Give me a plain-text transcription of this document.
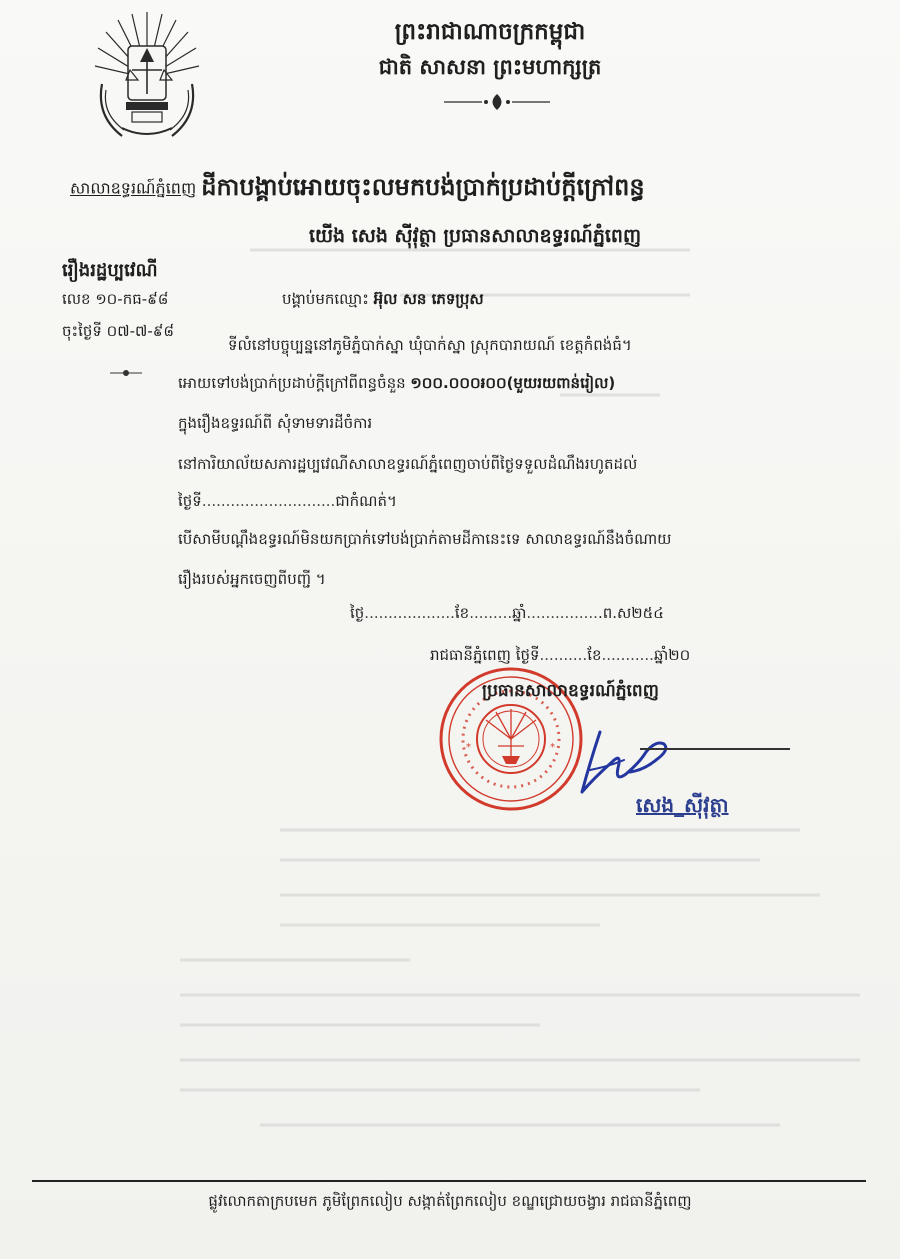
ព្រះរាជាណាចក្រកម្ពុជា
ជាតិ សាសនា ព្រះមហាក្សត្រ
សាលាឧទ្ធរណ៍ភ្នំពេញ ដីកាបង្គាប់អោយចុះលមកបង់ប្រាក់ប្រដាប់ក្តីក្រៅពន្ធ
យើង សេង ស៊ីវុត្ថា ប្រធានសាលាឧទ្ធរណ៍ភ្នំពេញ
រឿងរដ្ឋប្បវេណី
លេខ ១០-កធ-៩៨
ចុះថ្ងៃទី ០៧-៧-៩៨
បង្គាប់មកឈ្មោះ អ៊ុល សន ភេទប្រុស
ទីលំនៅបច្ចុប្បន្ននៅភូមិភ្នំបាក់ស្នា ឃុំបាក់ស្នា ស្រុកបារាយណ៍ ខេត្តកំពង់ធំ។
អោយទៅបង់ប្រាក់ប្រដាប់ក្តីក្រៅពីពន្ធចំនួន ១០០.០០០៛០០(មួយរយពាន់រៀល)
ក្នុងរឿងឧទ្ធរណ៍ពី សុំទាមទារដីចំការ
នៅការិយាល័យសភារដ្ឋប្បវេណីសាលាឧទ្ធរណ៍ភ្នំពេញចាប់ពីថ្ងៃទទួលដំណឹងរហូតដល់
ថ្ងៃទី............................ជាកំណត់។
បើសាមីបណ្តឹងឧទ្ធរណ៍មិនយកប្រាក់ទៅបង់ប្រាក់តាមដីកានេះទេ សាលាឧទ្ធរណ៍នឹងចំណាយ
រឿងរបស់អ្នកចេញពីបញ្ជី ។
ថ្ងៃ...................ខែ.........ឆ្នាំ................ព.ស២៥៤
រាជធានីភ្នំពេញ ថ្ងៃទី..........ខែ...........ឆ្នាំ២០
*	*
ប្រធានសាលាឧទ្ធរណ៍ភ្នំពេញ
សេង_ស៊ីវុត្ថា
ផ្លូវលោកតាក្របមេក ភូមិព្រែកលៀប សង្កាត់ព្រែកលៀប ខណ្ឌជ្រោយចង្វារ រាជធានីភ្នំពេញ
